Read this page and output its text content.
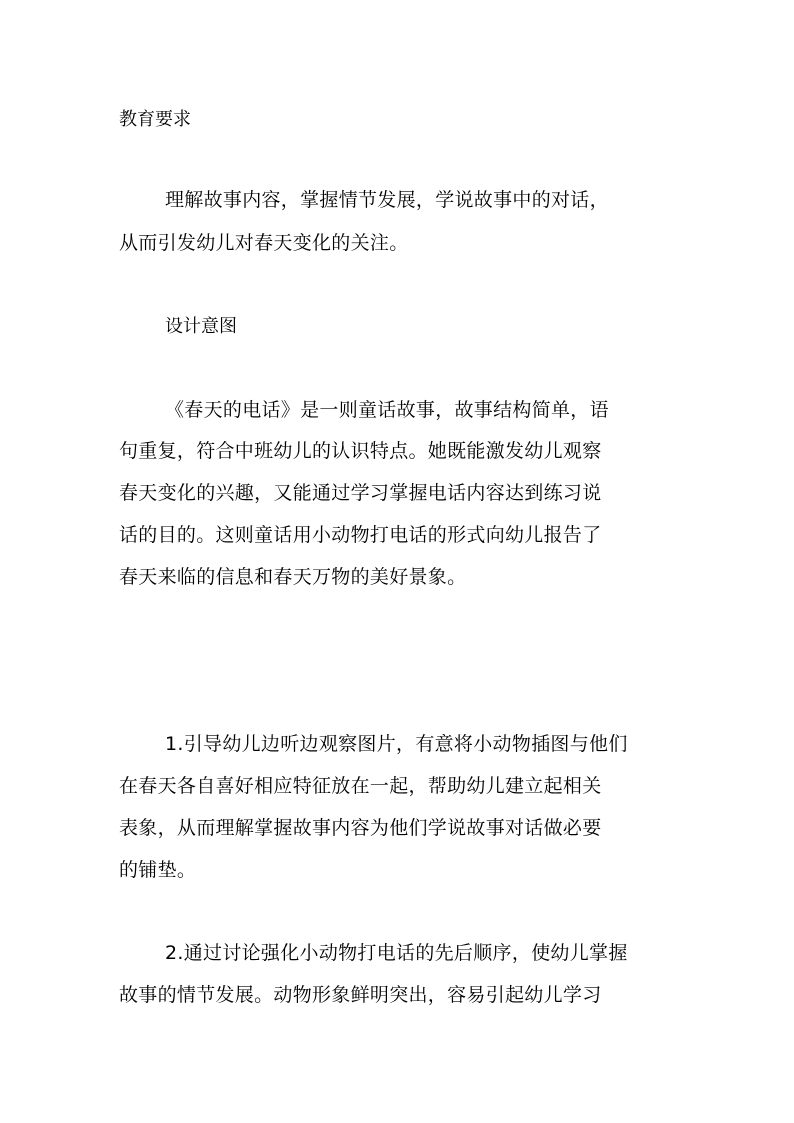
教育要求

理解故事内容，掌握情节发展，学说故事中的对话，

从而引发幼儿对春天变化的关注。

设计意图

《春天的电话》是一则童话故事，故事结构简单，语

句重复，符合中班幼儿的认识特点。她既能激发幼儿观察

春天变化的兴趣，又能通过学习掌握电话内容达到练习说

话的目的。这则童话用小动物打电话的形式向幼儿报告了

春天来临的信息和春天万物的美好景象。

1.引导幼儿边听边观察图片，有意将小动物插图与他们

在春天各自喜好相应特征放在一起，帮助幼儿建立起相关

表象，从而理解掌握故事内容为他们学说故事对话做必要

的铺垫。

2.通过讨论强化小动物打电话的先后顺序，使幼儿掌握

故事的情节发展。动物形象鲜明突出，容易引起幼儿学习
